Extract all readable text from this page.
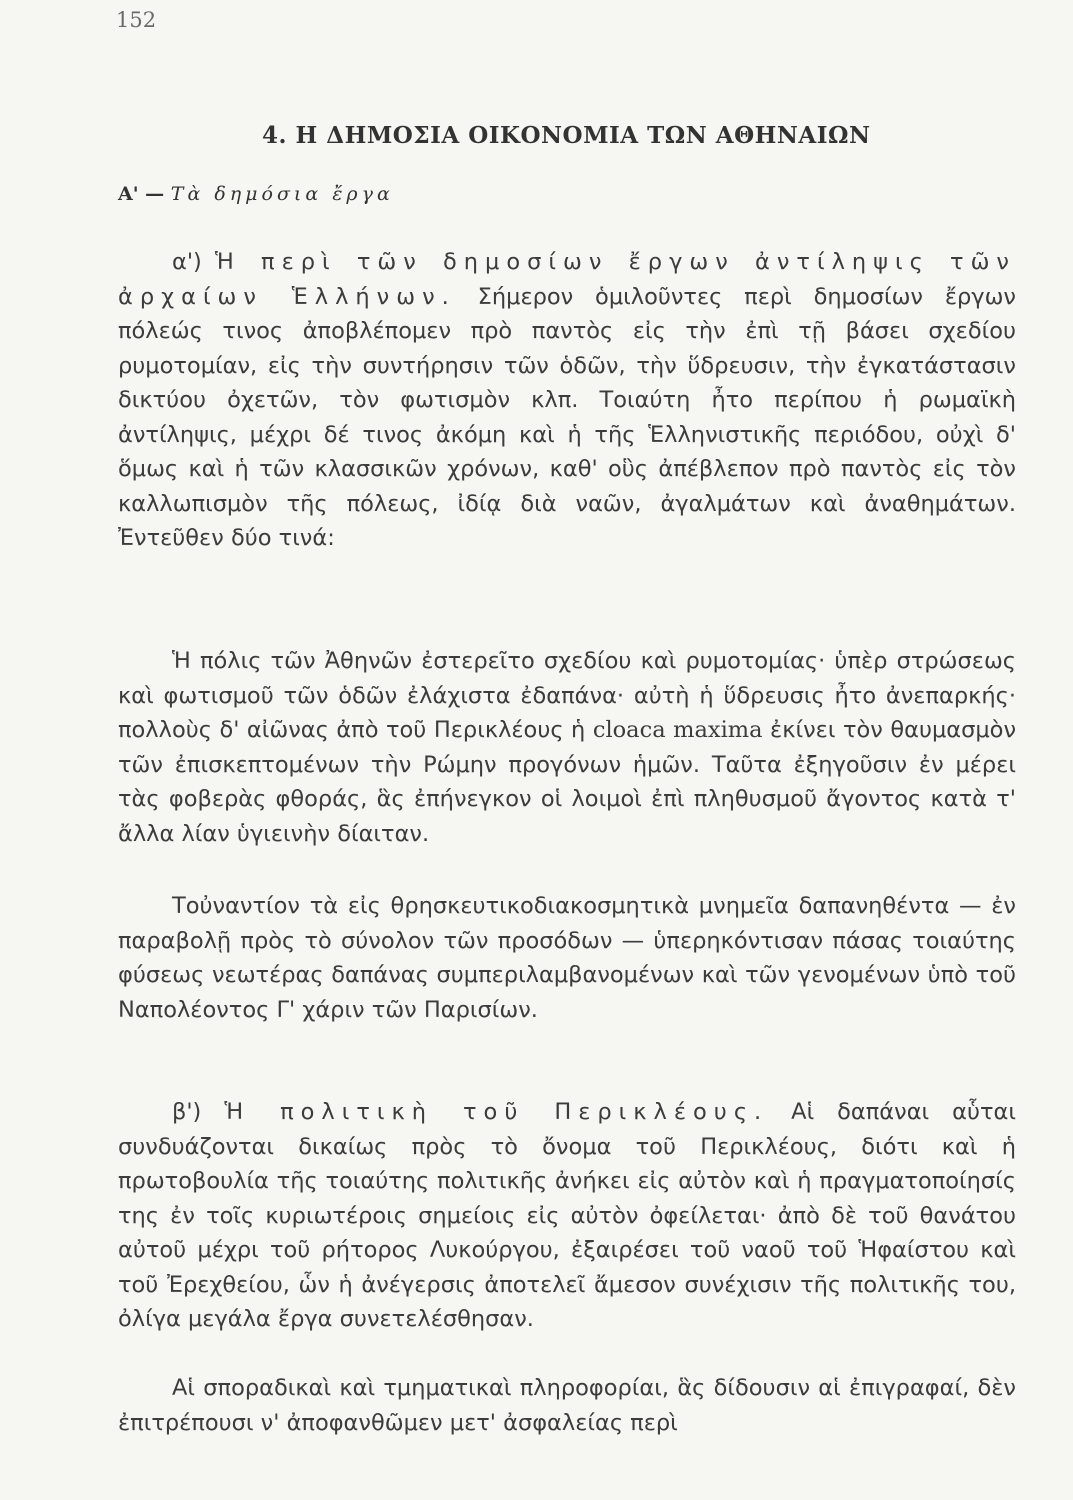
152
4. Η ΔΗΜΟΣΙΑ ΟΙΚΟΝΟΜΙΑ ΤΩΝ ΑΘΗΝΑΙΩΝ
Α' — Τὰ δημόσια ἔργα

α') Ἡ περὶ τῶν δημοσίων ἔργων ἀντίληψις τῶν ἀρχαίων Ἑλλήνων. Σήμερον ὁμιλοῦντες περὶ δημοσίων ἔργων πόλεώς τινος ἀποβλέπομεν πρὸ παντὸς εἰς τὴν ἐπὶ τῇ βάσει σχεδίου ρυμοτομίαν, εἰς τὴν συντήρησιν τῶν ὁδῶν, τὴν ὕδρευσιν, τὴν ἐγκατάστασιν δικτύου ὀχετῶν, τὸν φωτισμὸν κλπ. Τοιαύτη ἦτο περίπου ἡ ρωμαϊκὴ ἀντίληψις, μέχρι δέ τινος ἀκόμη καὶ ἡ τῆς Ἑλληνιστικῆς περιόδου, οὐχὶ δ' ὅμως καὶ ἡ τῶν κλασσικῶν χρόνων, καθ' οὓς ἀπέβλεπον πρὸ παντὸς εἰς τὸν καλλωπισμὸν τῆς πόλεως, ἰδίᾳ διὰ ναῶν, ἀγαλμάτων καὶ ἀναθημάτων. Ἐντεῦθεν δύο τινά:

Ἡ πόλις τῶν Ἀθηνῶν ἐστερεῖτο σχεδίου καὶ ρυμοτομίας· ὑπὲρ στρώσεως καὶ φωτισμοῦ τῶν ὁδῶν ἐλάχιστα ἐδαπάνα· αὐτὴ ἡ ὕδρευσις ἦτο ἀνεπαρκής· πολλοὺς δ' αἰῶνας ἀπὸ τοῦ Περικλέους ἡ cloaca maxima ἐκίνει τὸν θαυμασμὸν τῶν ἐπισκεπτομένων τὴν Ρώμην προγόνων ἡμῶν. Ταῦτα ἐξηγοῦσιν ἐν μέρει τὰς φοβερὰς φθοράς, ἃς ἐπήνεγκον οἱ λοιμοὶ ἐπὶ πληθυσμοῦ ἄγοντος κατὰ τ' ἄλλα λίαν ὑγιεινὴν δίαιταν.

Τοὐναντίον τὰ εἰς θρησκευτικοδιακοσμητικὰ μνημεῖα δαπανηθέντα — ἐν παραβολῇ πρὸς τὸ σύνολον τῶν προσόδων — ὑπερηκόντισαν πάσας τοιαύτης φύσεως νεωτέρας δαπάνας συμπεριλαμβανομένων καὶ τῶν γενομένων ὑπὸ τοῦ Ναπολέοντος Γ' χάριν τῶν Παρισίων.

β') Ἡ πολιτικὴ τοῦ Περικλέους. Αἱ δαπάναι αὗται συνδυάζονται δικαίως πρὸς τὸ ὄνομα τοῦ Περικλέους, διότι καὶ ἡ πρωτοβουλία τῆς τοιαύτης πολιτικῆς ἀνήκει εἰς αὐτὸν καὶ ἡ πραγματοποίησίς της ἐν τοῖς κυριωτέροις σημείοις εἰς αὐτὸν ὀφείλεται· ἀπὸ δὲ τοῦ θανάτου αὐτοῦ μέχρι τοῦ ρήτορος Λυκούργου, ἐξαιρέσει τοῦ ναοῦ τοῦ Ἡφαίστου καὶ τοῦ Ἐρεχθείου, ὧν ἡ ἀνέγερσις ἀποτελεῖ ἄμεσον συνέχισιν τῆς πολιτικῆς του, ὀλίγα μεγάλα ἔργα συνετελέσθησαν.

Αἱ σποραδικαὶ καὶ τμηματικαὶ πληροφορίαι, ἃς δίδουσιν αἱ ἐπιγραφαί, δὲν ἐπιτρέπουσι ν' ἀποφανθῶμεν μετ' ἀσφαλείας περὶ
